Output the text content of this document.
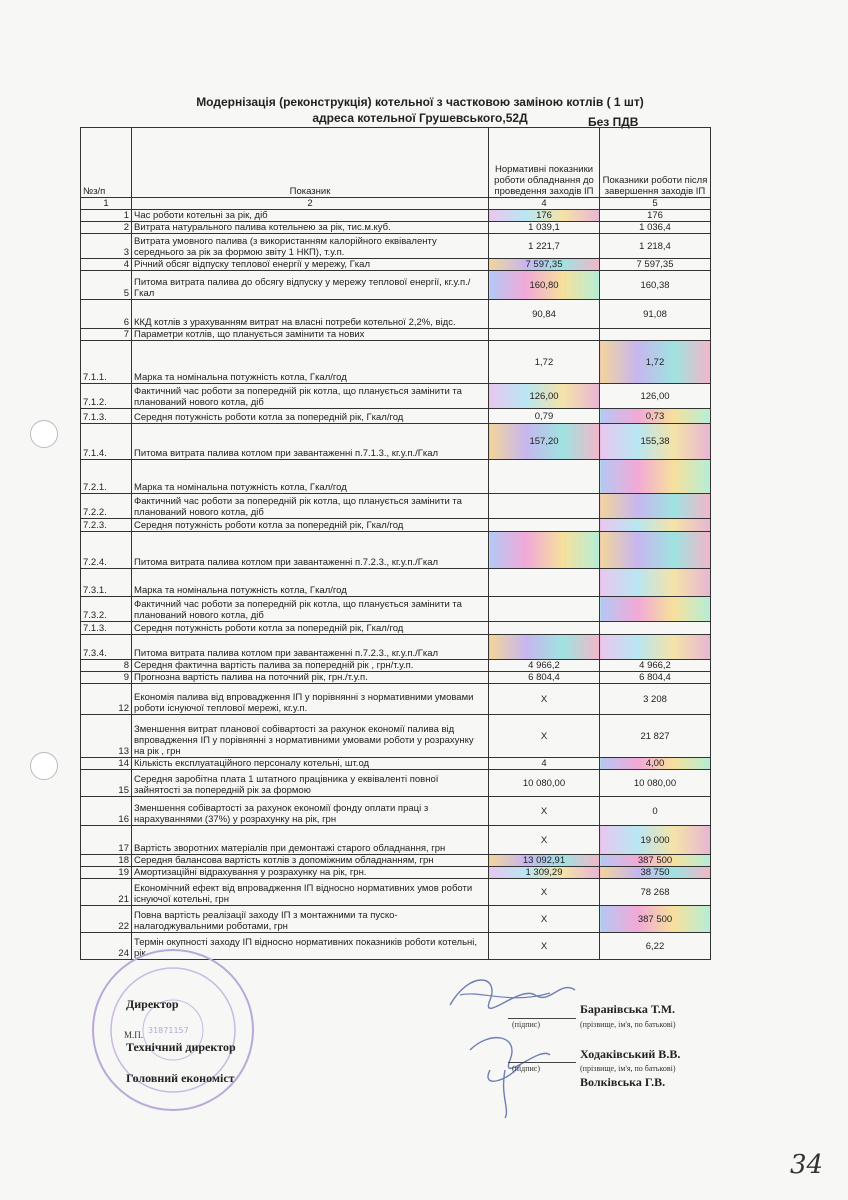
Модернізація (реконструкція) котельної з частковою заміною котлів ( 1 шт)
адреса котельної Грушевського,52Д	Без ПДВ
№з/п	Показник	Нормативні показники роботи обладнання до проведення заходів ІП	Показники роботи після завершення заходів ІП
1	2	4	5
1	Час роботи котельні за рік, діб	176	176
2	Витрата натурального палива котельнею за рік, тис.м.куб.	1 039,1	1 036,4
3	Витрата умовного палива (з використанням калорійного еквіваленту середнього за рік за формою звіту 1 НКП), т.у.п.	1 221,7	1 218,4
4	Річний обсяг відпуску теплової енергії у мережу, Гкал	7 597,35	7 597,35
5	Питома витрата палива до обсягу відпуску у мережу теплової енергії, кг.у.п./Гкал	160,80	160,38
6	ККД котлів з урахуванням витрат на власні потреби котельної 2,2%, відс.	90,84	91,08
7	Параметри котлів, що планується замінити та нових		
7.1.1.	Марка та номінальна потужність котла, Гкал/год	1,72	1,72
7.1.2.	Фактичний час роботи за попередній рік котла, що планується замінити та планований нового котла, діб	126,00	126,00
7.1.3.	Середня потужність роботи котла за попередній рік, Гкал/год	0,79	0,73
7.1.4.	Питома витрата палива котлом при завантаженні п.7.1.3., кг.у.п./Гкал	157,20	155,38
7.2.1.	Марка та номінальна потужність котла, Гкал/год		
7.2.2.	Фактичний час роботи за попередній рік котла, що планується замінити та планований нового котла, діб		
7.2.3.	Середня потужність роботи котла за попередній рік, Гкал/год		
7.2.4.	Питома витрата палива котлом при завантаженні п.7.2.3., кг.у.п./Гкал		
7.3.1.	Марка та номінальна потужність котла, Гкал/год		
7.3.2.	Фактичний час роботи за попередній рік котла, що планується замінити та планований нового котла, діб		
7.1.3.	Середня потужність роботи котла за попередній рік, Гкал/год		
7.3.4.	Питома витрата палива котлом при завантаженні п.7.2.3., кг.у.п./Гкал		
8	Середня фактична вартість палива за попередній рік , грн/т.у.п.	4 966,2	4 966,2
9	Прогнозна вартість палива на поточний рік, грн./т.у.п.	6 804,4	6 804,4
12	Економія палива від впровадження ІП у порівнянні з нормативними умовами роботи існуючої теплової мережі, кг.у.п.	Х	3 208
13	Зменшення витрат планової собівартості за рахунок економії палива від впровадження ІП у порівнянні з нормативними умовами роботи у розрахунку на рік , грн	Х	21 827
14	Кількість експлуатаційного персоналу котельні, шт.од	4	4,00
15	Середня заробітна плата 1 штатного працівника у еквіваленті повної зайнятості за попередній рік за формою	10 080,00	10 080,00
16	Зменшення собівартості за рахунок економії фонду оплати праці з нарахуваннями (37%) у розрахунку на рік, грн	Х	0
17	Вартість зворотних матеріалів при демонтажі старого обладнання, грн	Х	19 000
18	Середня балансова вартість котлів з допоміжним обладнанням, грн	13 092,91	387 500
19	Амортизаційні відрахування у розрахунку на рік, грн.	1 309,29	38 750
21	Економічний ефект від впровадження ІП відносно нормативних умов роботи існуючої котельні, грн	Х	78 268
22	Повна вартість реалізації заходу ІП з монтажними та пуско-налагоджувальними роботами, грн	Х	387 500
24	Термін окупності заходу ІП відносно нормативних показників роботи котельні, рік	Х	6,22
31871157
Директор
М.П.
Технічний директор
Головний економіст
(підпис)
Баранівська Т.М.
(прізвище, ім'я, по батькові)
(підпис)
Ходаківський В.В.
(прізвище, ім'я, по батькові)
Волківська Г.В.
34
